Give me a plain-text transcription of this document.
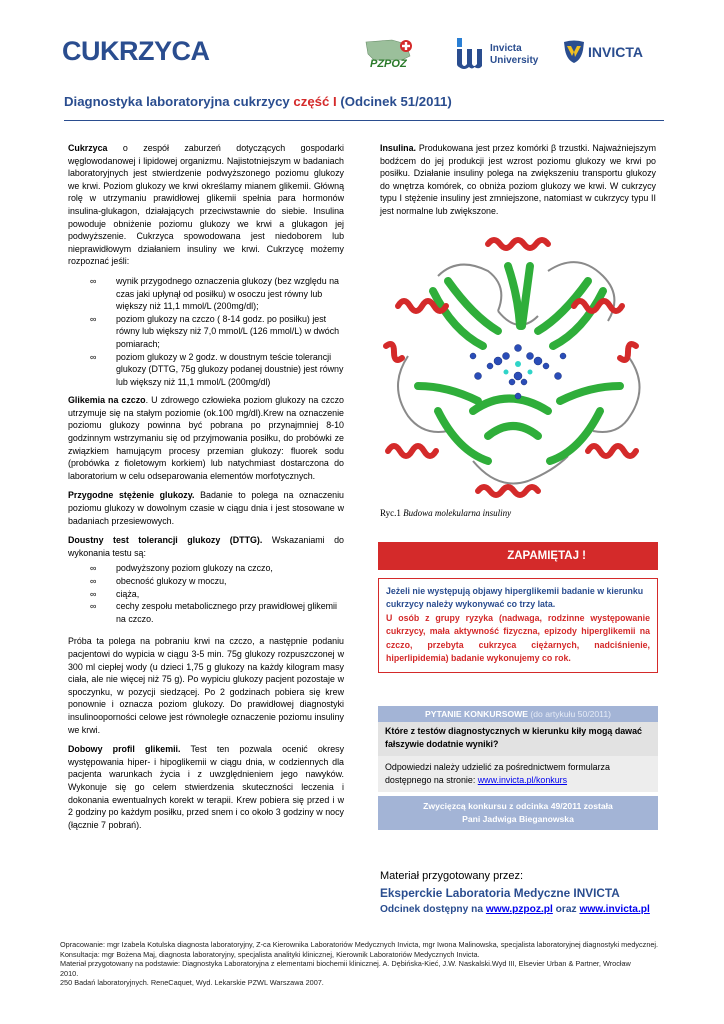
CUKRZYCA	PZPOZ
Invicta
University
INVICTA
Diagnostyka laboratoryjna cukrzycy część I (Odcinek 51/2011)

Cukrzyca o zespół zaburzeń dotyczących gospodarki węglowodanowej i lipidowej organizmu. Najistotniejszym w badaniach laboratoryjnych jest stwierdzenie podwyższonego poziomu glukozy we krwi. Poziom glukozy we krwi określamy mianem glikemii. Główną rolę w utrzymaniu prawidłowej glikemii spełnia para hormonów insulina-glukagon, działających przeciwstawnie do siebie. Insulina powoduje obniżenie poziomu glukozy we krwi a glukagon jej podwyższenie. Cukrzyca spowodowana jest niedoborem lub nieprawidłowym działaniem insuliny we krwi. Cukrzycę możemy rozpoznać jeśli:

∞ wynik przygodnego oznaczenia glukozy (bez względu na czas jaki upłynął od posiłku) w osoczu jest równy lub większy niż 11,1 mmol/L (200mg/dl);
∞ poziom glukozy na czczo ( 8-14 godz. po posiłku) jest równy lub większy niż 7,0 mmol/L (126 mmol/L) w dwóch pomiarach;
∞ poziom glukozy w 2 godz. w doustnym teście tolerancji glukozy (DTTG, 75g glukozy podanej doustnie) jest równy lub większy niż 11,1 mmol/L (200mg/dl)

Glikemia na czczo. U zdrowego człowieka poziom glukozy na czczo utrzymuje się na stałym poziomie (ok.100 mg/dl).Krew na oznaczenie poziomu glukozy powinna być pobrana po przynajmniej 8-10 godzinnym wstrzymaniu się od przyjmowania posiłku, do probówki ze związkiem hamującym procesy przemian glukozy: fluorek sodu (probówka z fioletowym korkiem) lub natychmiast dostarczona do laboratorium w celu odseparowania elementów morfotycznych.

Przygodne stężenie glukozy. Badanie to polega na oznaczeniu poziomu glukozy w dowolnym czasie w ciągu dnia i jest stosowane w badaniach przesiewowych.

Doustny test tolerancji glukozy (DTTG). Wskazaniami do wykonania testu są:

∞ podwyższony poziom glukozy na czczo,
∞ obecność glukozy w moczu,
∞ ciąża,
∞ cechy zespołu metabolicznego przy prawidłowej glikemii na czczo.

Próba ta polega na pobraniu krwi na czczo, a następnie podaniu pacjentowi do wypicia w ciągu 3-5 min. 75g glukozy rozpuszczonej w 300 ml ciepłej wody (u dzieci 1,75 g glukozy na każdy kilogram masy ciała, ale nie więcej niż 75 g). Po wypiciu glukozy pacjent pozostaje w spoczynku, w pozycji siedzącej. Po 2 godzinach pobiera się krew ponownie i oznacza poziom glukozy. Do prawidłowej diagnostyki insulinooporności celowe jest równoległe oznaczenie poziomu insuliny we krwi.

Dobowy profil glikemii. Test ten pozwala ocenić okresy występowania hiper- i hipoglikemii w ciągu dnia, w codziennych dla pacjenta warunkach życia i z uwzględnieniem jego nawyków. Wykonuje się go celem stwierdzenia skuteczności leczenia i dokonania ewentualnych korekt w terapii. Krew pobiera się przed i w 2 godziny po każdym posiłku, przed snem i co około 3 godziny w nocy (łącznie 7 pobrań).

Insulina. Produkowana jest przez komórki β trzustki. Najważniejszym bodźcem do jej produkcji jest wzrost poziomu glukozy we krwi po posiłku. Działanie insuliny polega na zwiększeniu transportu glukozy do wnętrza komórek, co obniża poziom glukozy we krwi. W cukrzycy typu I stężenie insuliny jest zmniejszone, natomiast w cukrzycy typu II jest normalne lub zwiększone.

Ryc.1 Budowa molekularna insuliny
ZAPAMIĘTAJ !
Jeżeli nie występują objawy hiperglikemii badanie w kierunku cukrzycy należy wykonywać co trzy lata.
U osób z grupy ryzyka (nadwaga, rodzinne występowanie cukrzycy, mała aktywność fizyczna, epizody hiperglikemii na czczo, przebyta cukrzyca ciężarnych, nadciśnienie, hiperlipidemia) badanie wykonujemy co rok.
PYTANIE KONKURSOWE (do artykułu 50/2011)
Które z testów diagnostycznych w kierunku kiły mogą dawać fałszywie dodatnie wyniki?
Odpowiedzi należy udzielić za pośrednictwem formularza dostępnego na stronie: www.invicta.pl/konkurs
Zwycięzcą konkursu z odcinka 49/2011 została
Pani Jadwiga Bieganowska
Materiał przygotowany przez:
Eksperckie Laboratoria Medyczne INVICTA
Odcinek dostępny na www.pzpoz.pl oraz www.invicta.pl
Opracowanie: mgr Izabela Kotulska diagnosta laboratoryjny, Z-ca Kierownika Laboratoriów Medycznych Invicta, mgr Iwona Malinowska, specjalista laboratoryjnej diagnostyki medycznej.
Konsultacja: mgr Bożena Maj, diagnosta laboratoryjny, specjalista analityki klinicznej, Kierownik Laboratoriów Medycznych Invicta.
Materiał przygotowany na podstawie: Diagnostyka Laboratoryjna z elementami biochemii klinicznej. A. Dębińska-Kieć, J.W. Naskalski.Wyd III, Elsevier Urban & Partner, Wrocław
2010.
250 Badań laboratoryjnych. ReneCaquet, Wyd. Lekarskie PZWL Warszawa 2007.
